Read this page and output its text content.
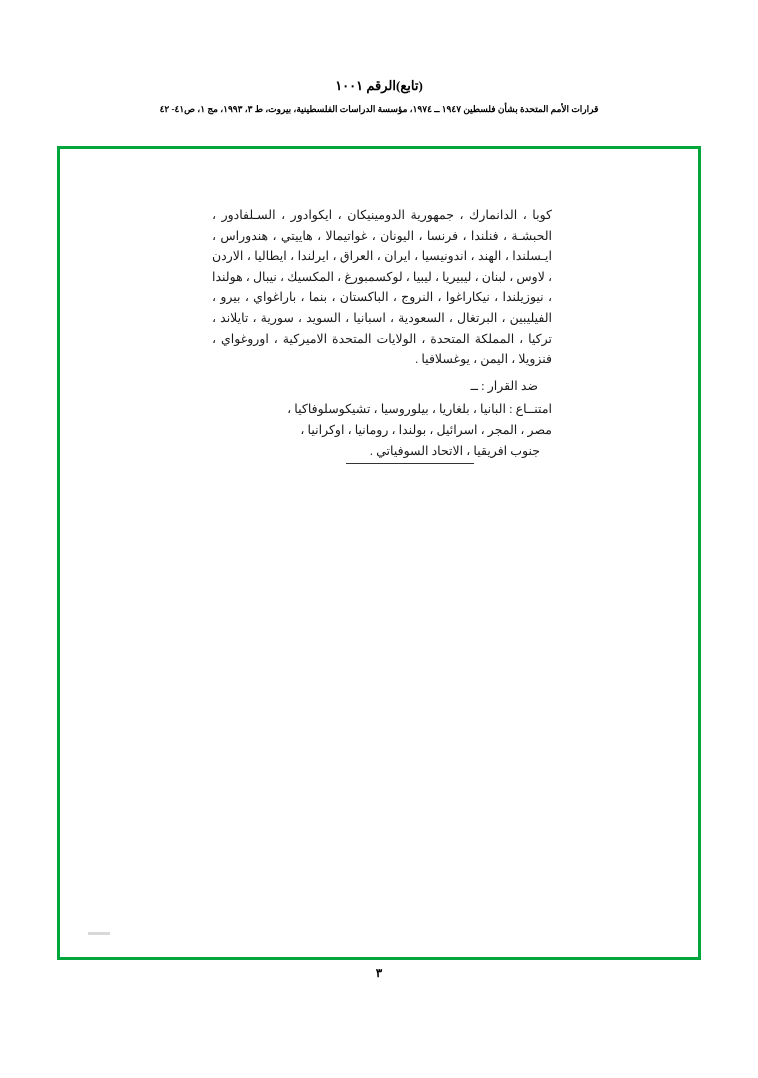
(تابع)الرقم ١٠٠١
قرارات الأمم المتحدة بشأن فلسطين ١٩٤٧ ــ ١٩٧٤، مؤسسة الدراسات الفلسطينية، بيروت، ط ٣، ١٩٩٣، مج ١، ص٤١- ٤٢

كوبا ، الدانمارك ، جمهورية الدومينيكان ، ايكوادور ، السـلفادور ، الحبشـة ، فنلندا ، فرنسا ، اليونان ، غواتيمالا ، هاييتي ، هندوراس ، ايـسلندا ، الهند ، اندونيسيا ، ايران ، العراق ، ايرلندا ، ايطاليا ، الاردن ، لاوس ، لبنان ، ليبيريا ، ليبيا ، لوكسمبورغ ، المكسيك ، نيبال ، هولندا ، نيوزيلندا ، نيكاراغوا ، النروج ، الباكستان ، بنما ، باراغواي ، بيرو ، الفيليبين ، البرتغال ، السعودية ، اسبانيا ، السويد ، سورية ، تايلاند ، تركيا ، المملكة المتحدة ، الولايات المتحدة الاميركية ، اوروغواي ، فنزويلا ، اليمن ، يوغسلافيا .

ضد القرار : ــ

امتنــاع : البانيا ، بلغاريا ، بيلوروسيا ، تشيكوسلوفاكيا ،

مصر ، المجر ، اسرائيل ، بولندا ، رومانيا ، اوكرانيا ،

جنوب افريقيا ، الاتحاد السوفياتي .

٣
